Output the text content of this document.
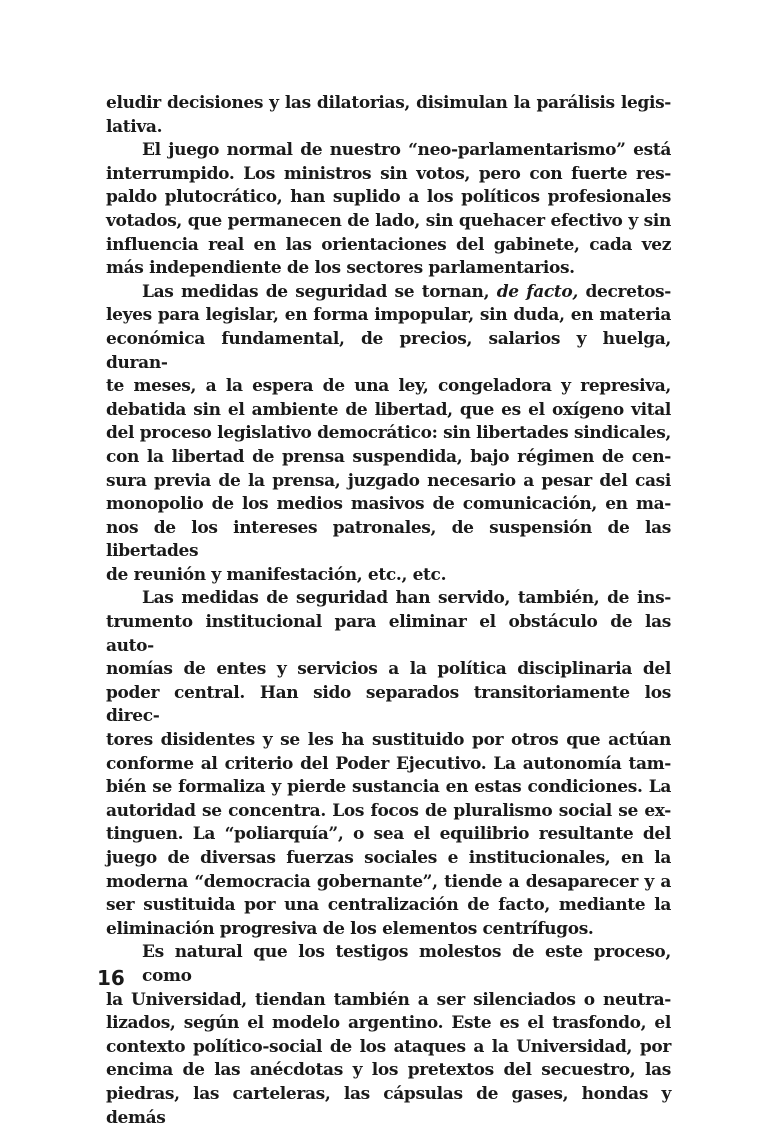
eludir decisiones y las dilatorias, disimulan la parálisis legis-
lativa.
El juego normal de nuestro “neo-parlamentarismo” está
interrumpido. Los ministros sin votos, pero con fuerte res-
paldo plutocrático, han suplido a los políticos profesionales
votados, que permanecen de lado, sin quehacer efectivo y sin
influencia real en las orientaciones del gabinete, cada vez
más independiente de los sectores parlamentarios.
Las medidas de seguridad se tornan, de facto, decretos-
leyes para legislar, en forma impopular, sin duda, en materia
económica fundamental, de precios, salarios y huelga, duran-
te meses, a la espera de una ley, congeladora y represiva,
debatida sin el ambiente de libertad, que es el oxígeno vital
del proceso legislativo democrático: sin libertades sindicales,
con la libertad de prensa suspendida, bajo régimen de cen-
sura previa de la prensa, juzgado necesario a pesar del casi
monopolio de los medios masivos de comunicación, en ma-
nos de los intereses patronales, de suspensión de las libertades
de reunión y manifestación, etc., etc.
Las medidas de seguridad han servido, también, de ins-
trumento institucional para eliminar el obstáculo de las auto-
nomías de entes y servicios a la política disciplinaria del
poder central. Han sido separados transitoriamente los direc-
tores disidentes y se les ha sustituido por otros que actúan
conforme al criterio del Poder Ejecutivo. La autonomía tam-
bién se formaliza y pierde sustancia en estas condiciones. La
autoridad se concentra. Los focos de pluralismo social se ex-
tinguen. La “poliarquía”, o sea el equilibrio resultante del
juego de diversas fuerzas sociales e institucionales, en la
moderna “democracia gobernante”, tiende a desaparecer y a
ser sustituida por una centralización de facto, mediante la
eliminación progresiva de los elementos centrífugos.
Es natural que los testigos molestos de este proceso, como
la Universidad, tiendan también a ser silenciados o neutra-
lizados, según el modelo argentino. Este es el trasfondo, el
contexto político-social de los ataques a la Universidad, por
encima de las anécdotas y los pretextos del secuestro, las
piedras, las carteleras, las cápsulas de gases, hondas y demás
16
